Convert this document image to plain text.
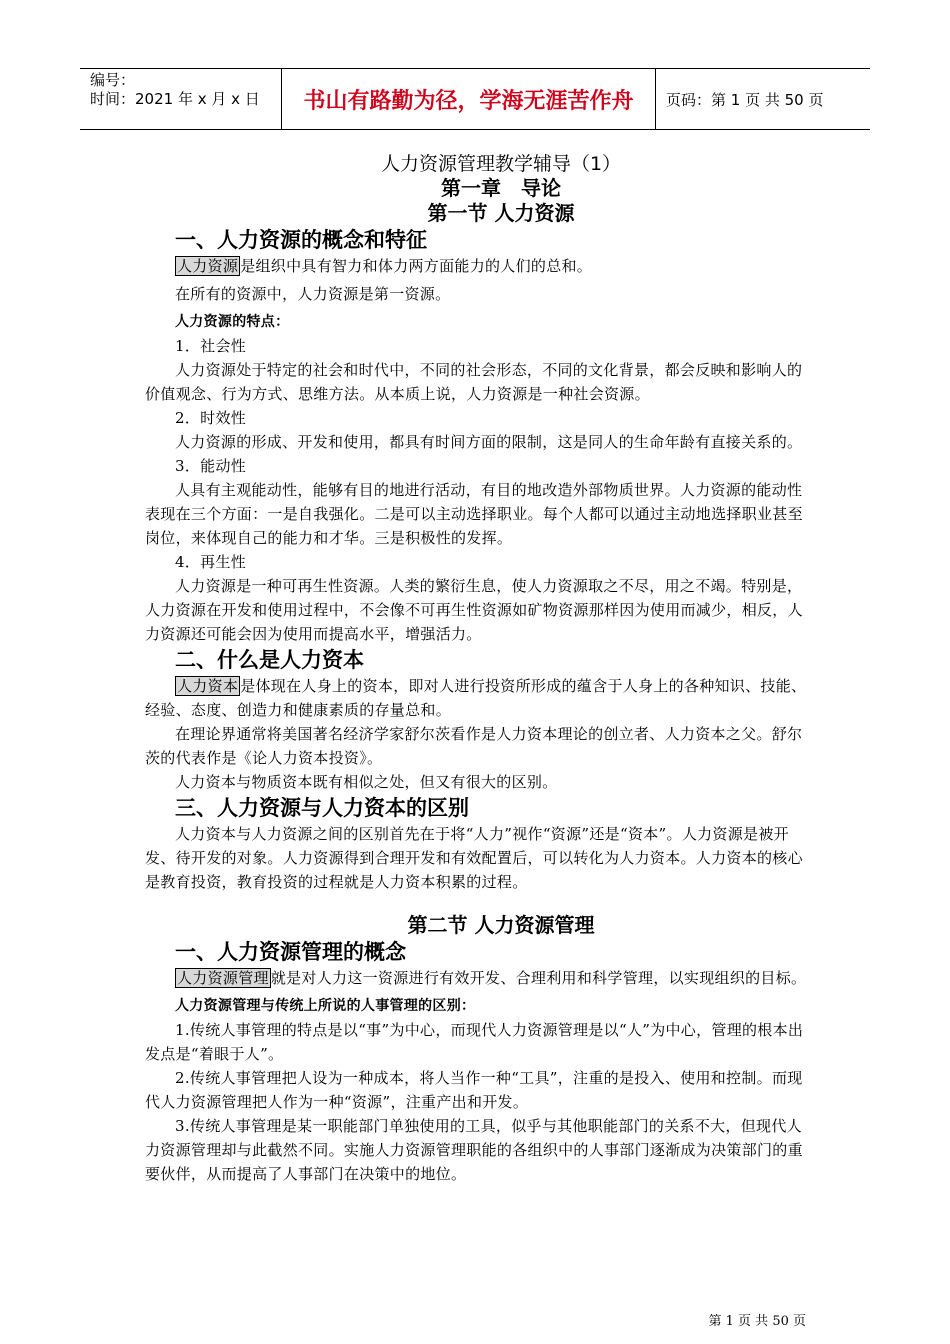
编号：
时间：2021 年 x 月 x 日	书山有路勤为径，学海无涯苦作舟	页码：第 1 页 共 50 页
人力资源管理教学辅导（1）
第一章　导论
第一节 人力资源
一、人力资源的概念和特征

人力资源 是组织中具有智力和体力两方面能力的人们的总和。

在所有的资源中，人力资源是第一资源。

人力资源的特点：

1．社会性

人力资源处于特定的社会和时代中，不同的社会形态，不同的文化背景，都会反映和影响人的价值观念、行为方式、思维方法。从本质上说，人力资源是一种社会资源。

2．时效性

人力资源的形成、开发和使用，都具有时间方面的限制，这是同人的生命年龄有直接关系的。

3．能动性

人具有主观能动性，能够有目的地进行活动，有目的地改造外部物质世界。人力资源的能动性表现在三个方面：一是自我强化。二是可以主动选择职业。每个人都可以通过主动地选择职业甚至岗位，来体现自己的能力和才华。三是积极性的发挥。

4．再生性

人力资源是一种可再生性资源。人类的繁衍生息，使人力资源取之不尽，用之不竭。特别是，人力资源在开发和使用过程中，不会像不可再生性资源如矿物资源那样因为使用而减少，相反，人力资源还可能会因为使用而提高水平，增强活力。

二、什么是人力资本

人力资本 是体现在人身上的资本，即对人进行投资所形成的蕴含于人身上的各种知识、技能、经验、态度、创造力和健康素质的存量总和。

在理论界通常将美国著名经济学家舒尔茨看作是人力资本理论的创立者、人力资本之父。舒尔茨的代表作是《论人力资本投资》。

人力资本与物质资本既有相似之处，但又有很大的区别。

三、人力资源与人力资本的区别

人力资本与人力资源之间的区别首先在于将“人力”视作“资源”还是“资本”。人力资源是被开发、待开发的对象。人力资源得到合理开发和有效配置后，可以转化为人力资本。人力资本的核心是教育投资，教育投资的过程就是人力资本积累的过程。

第二节 人力资源管理
一、人力资源管理的概念

人力资源管理 就是对人力这一资源进行有效开发、合理利用和科学管理，以实现组织的目标。

人力资源管理与传统上所说的人事管理的区别：

1.传统人事管理的特点是以“事”为中心，而现代人力资源管理是以“人”为中心，管理的根本出发点是“着眼于人”。

2.传统人事管理把人设为一种成本，将人当作一种“工具”，注重的是投入、使用和控制。而现代人力资源管理把人作为一种“资源”，注重产出和开发。

3.传统人事管理是某一职能部门单独使用的工具，似乎与其他职能部门的关系不大，但现代人力资源管理却与此截然不同。实施人力资源管理职能的各组织中的人事部门逐渐成为决策部门的重要伙伴，从而提高了人事部门在决策中的地位。

第 1 页 共 50 页
